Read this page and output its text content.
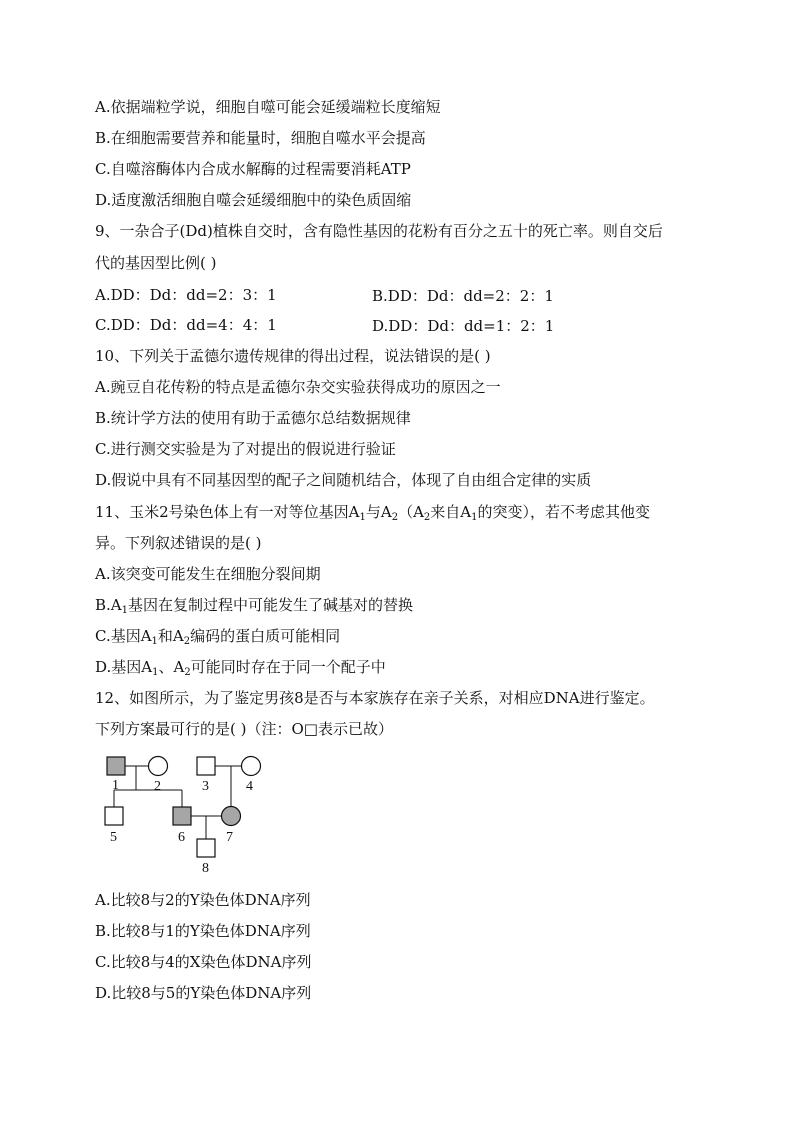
A.依据端粒学说，细胞自噬可能会延缓端粒长度缩短
B.在细胞需要营养和能量时，细胞自噬水平会提高
C.自噬溶酶体内合成水解酶的过程需要消耗ATP
D.适度激活细胞自噬会延缓细胞中的染色质固缩
9、一杂合子(Dd)植株自交时，含有隐性基因的花粉有百分之五十的死亡率。则自交后
代的基因型比例( )
A.DD：Dd：dd=2：3：1	B.DD：Dd：dd=2：2：1
C.DD：Dd：dd=4：4：1	D.DD：Dd：dd=1：2：1
10、下列关于孟德尔遗传规律的得出过程，说法错误的是( )
A.豌豆自花传粉的特点是孟德尔杂交实验获得成功的原因之一
B.统计学方法的使用有助于孟德尔总结数据规律
C.进行测交实验是为了对提出的假说进行验证
D.假说中具有不同基因型的配子之间随机结合，体现了自由组合定律的实质
11、玉米2号染色体上有一对等位基因$A_1$与$A_2(A_2$来自$A_1$的突变），若不考虑其他变
异。下列叙述错误的是( )
A.该突变可能发生在细胞分裂间期
$B.A_1$基因在复制过程中可能发生了碱基对的替换
C.基因$A_1$和$A_2$编码的蛋白质可能相同
D.基因$A_1$、$A_2$可能同时存在于同一个配子中
12、如图所示，为了鉴定男孩8是否与本家族存在亲子关系，对相应DNA进行鉴定。
下列方案最可行的是( )（注：O□表示已故）
1	2	3	4
5	6	7
8
A.比较8与2的Y染色体DNA序列
B.比较8与1的Y染色体DNA序列
C.比较8与4的X染色体DNA序列
D.比较8与5的Y染色体DNA序列
